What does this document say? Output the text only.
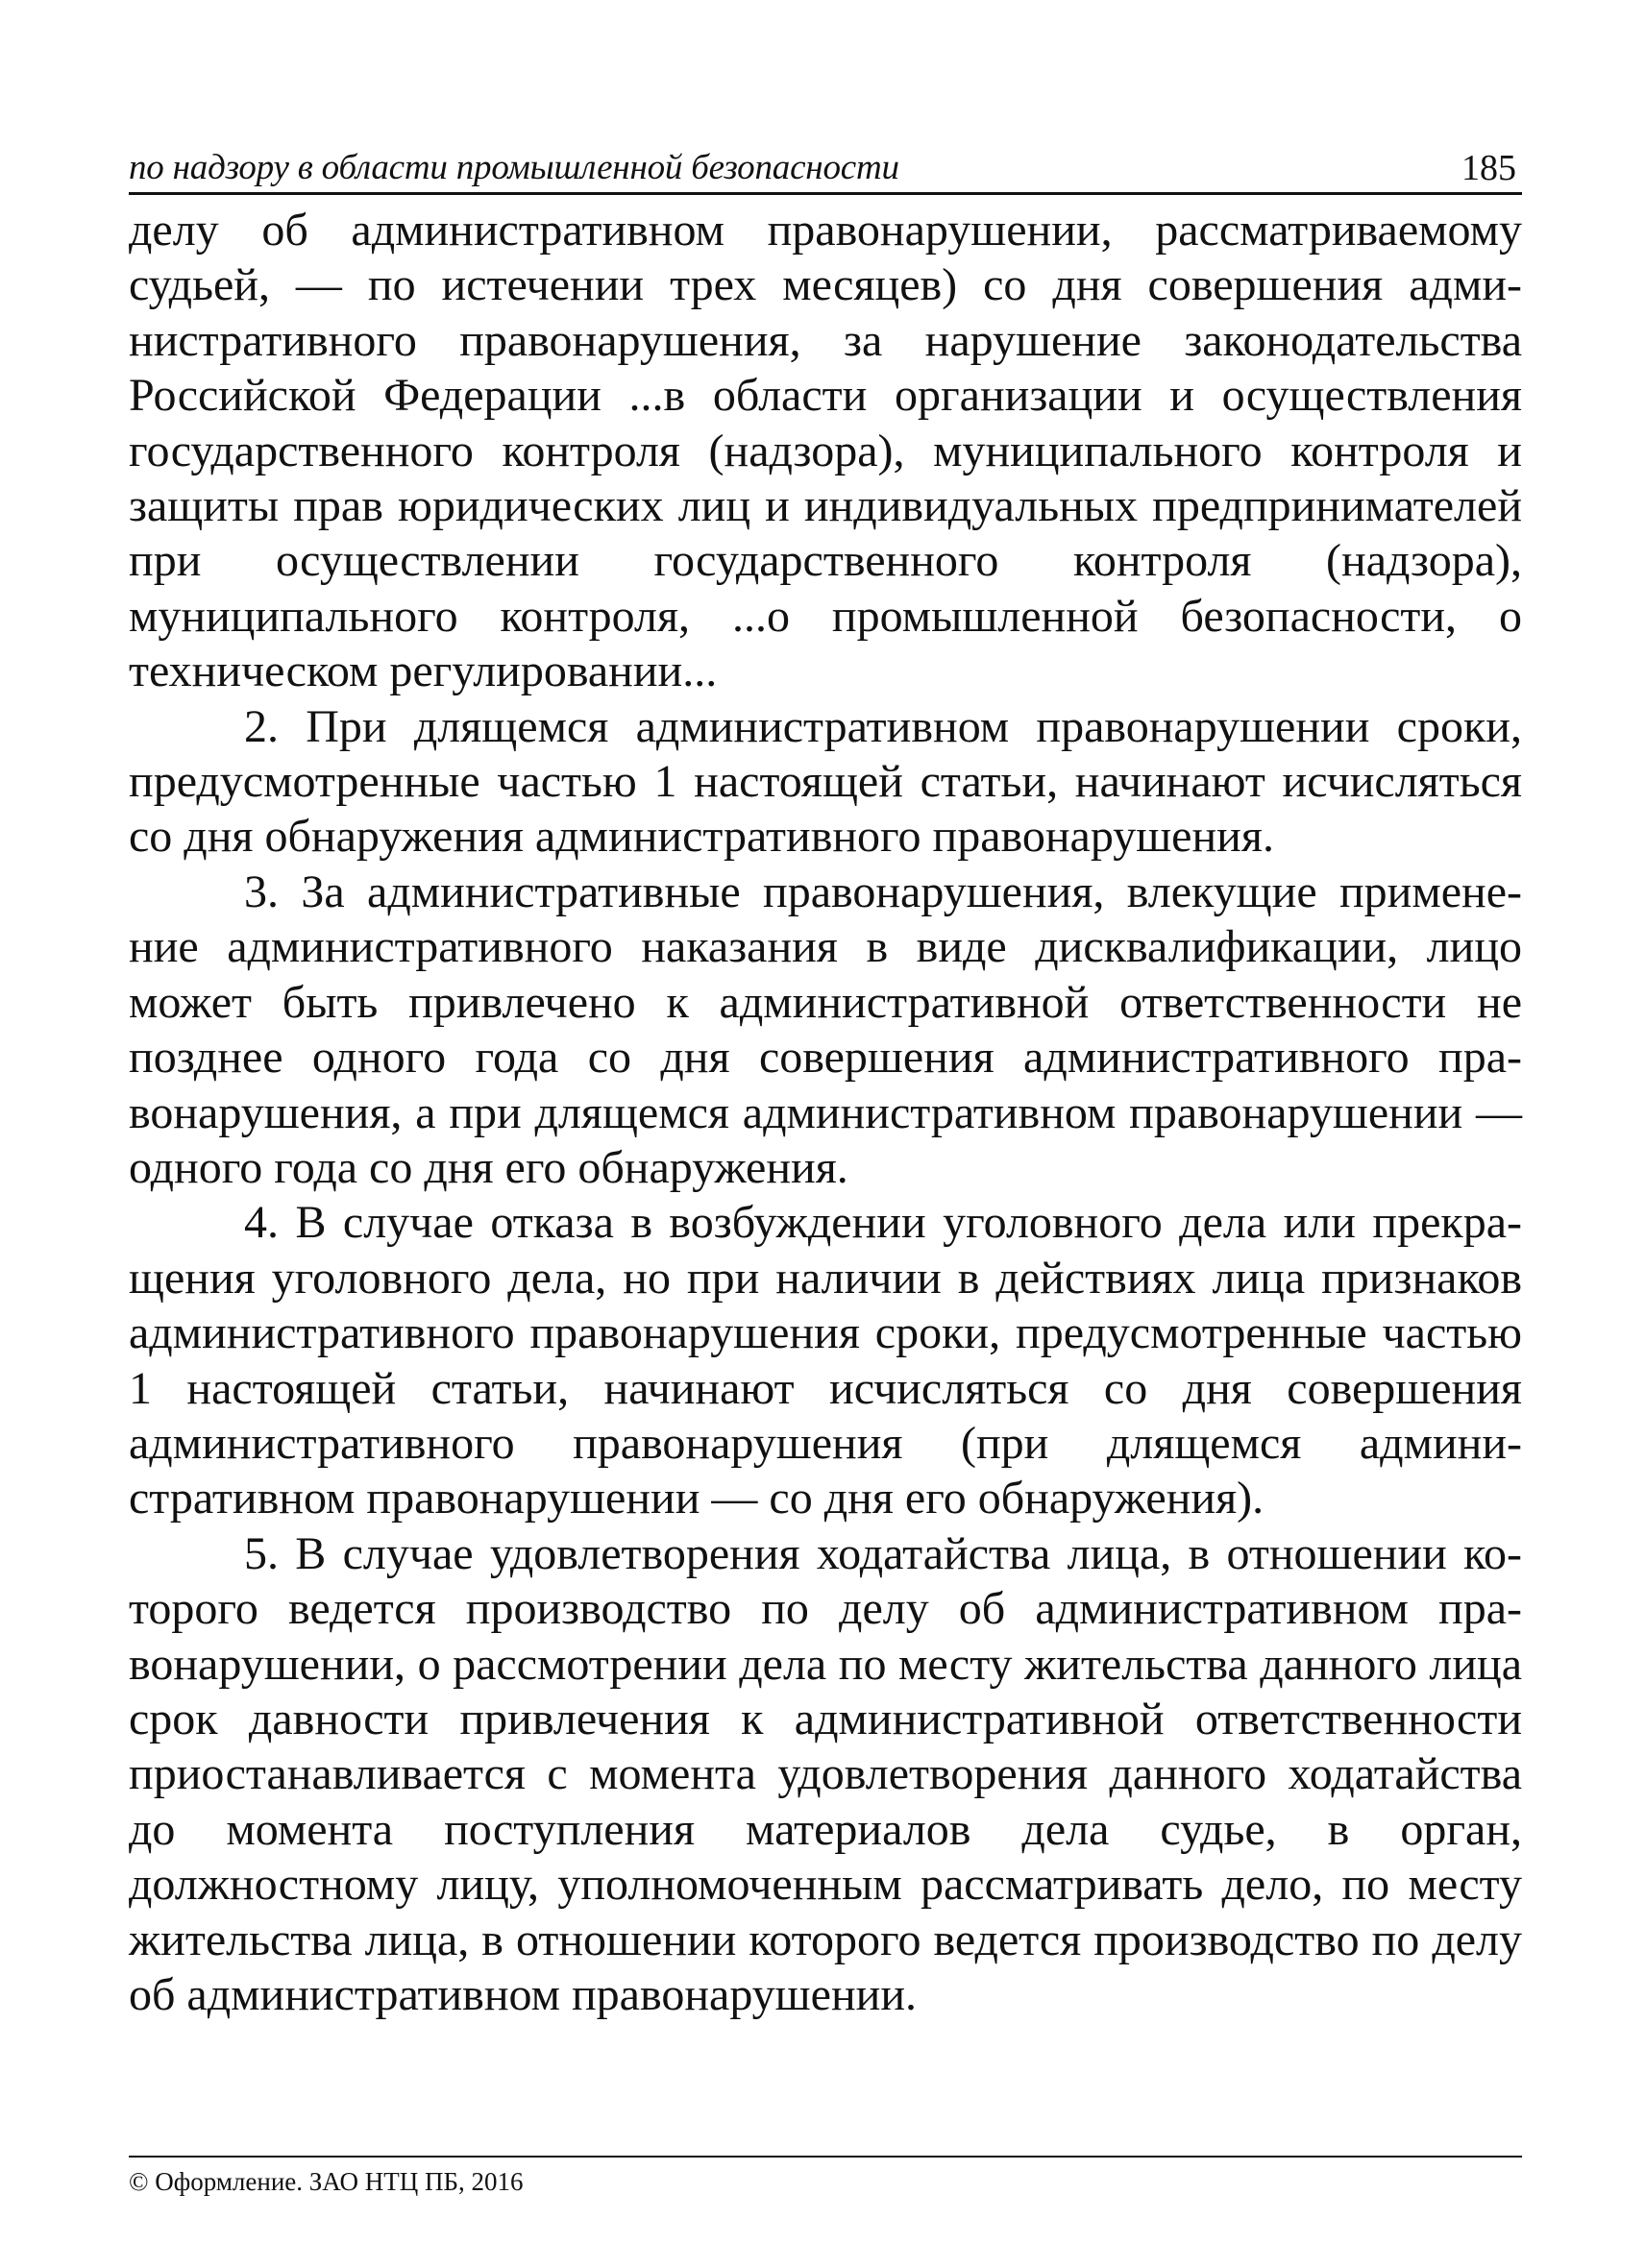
по надзору в области промышленной безопасности	185

делу об административном правонарушении, рассматриваемому судьей, — по истечении трех месяцев) со дня совершения административного правонарушения, за нарушение законодательства Российской Федерации ...в области организации и осуществления государственного контроля (надзора), муниципального контроля и защиты прав юридических лиц и индивидуальных предпринимателей при осуществлении государственного контроля (надзора), муниципального контроля, ...о промышленной безопасности, о техническом регулировании...

2. При длящемся административном правонарушении сроки, предусмотренные частью 1 настоящей статьи, начинают исчисляться со дня обнаружения административного правонарушения.

3. За административные правонарушения, влекущие применение административного наказания в виде дисквалификации, лицо может быть привлечено к административной ответственности не позднее одного года со дня совершения административного правонарушения, а при длящемся административном правонарушении — одного года со дня его обнаружения.

4. В случае отказа в возбуждении уголовного дела или прекращения уголовного дела, но при наличии в действиях лица признаков административного правонарушения сроки, предусмотренные частью 1 настоящей статьи, начинают исчисляться со дня совершения административного правонарушения (при длящемся административном правонарушении — со дня его обнаружения).

5. В случае удовлетворения ходатайства лица, в отношении которого ведется производство по делу об административном правонарушении, о рассмотрении дела по месту жительства данного лица срок давности привлечения к административной ответственности приостанавливается с момента удовлетворения данного ходатайства до момента поступления материалов дела судье, в орган, должностному лицу, уполномоченным рассматривать дело, по месту жительства лица, в отношении которого ведется производство по делу об административном правонарушении.

© Оформление. ЗАО НТЦ ПБ, 2016
